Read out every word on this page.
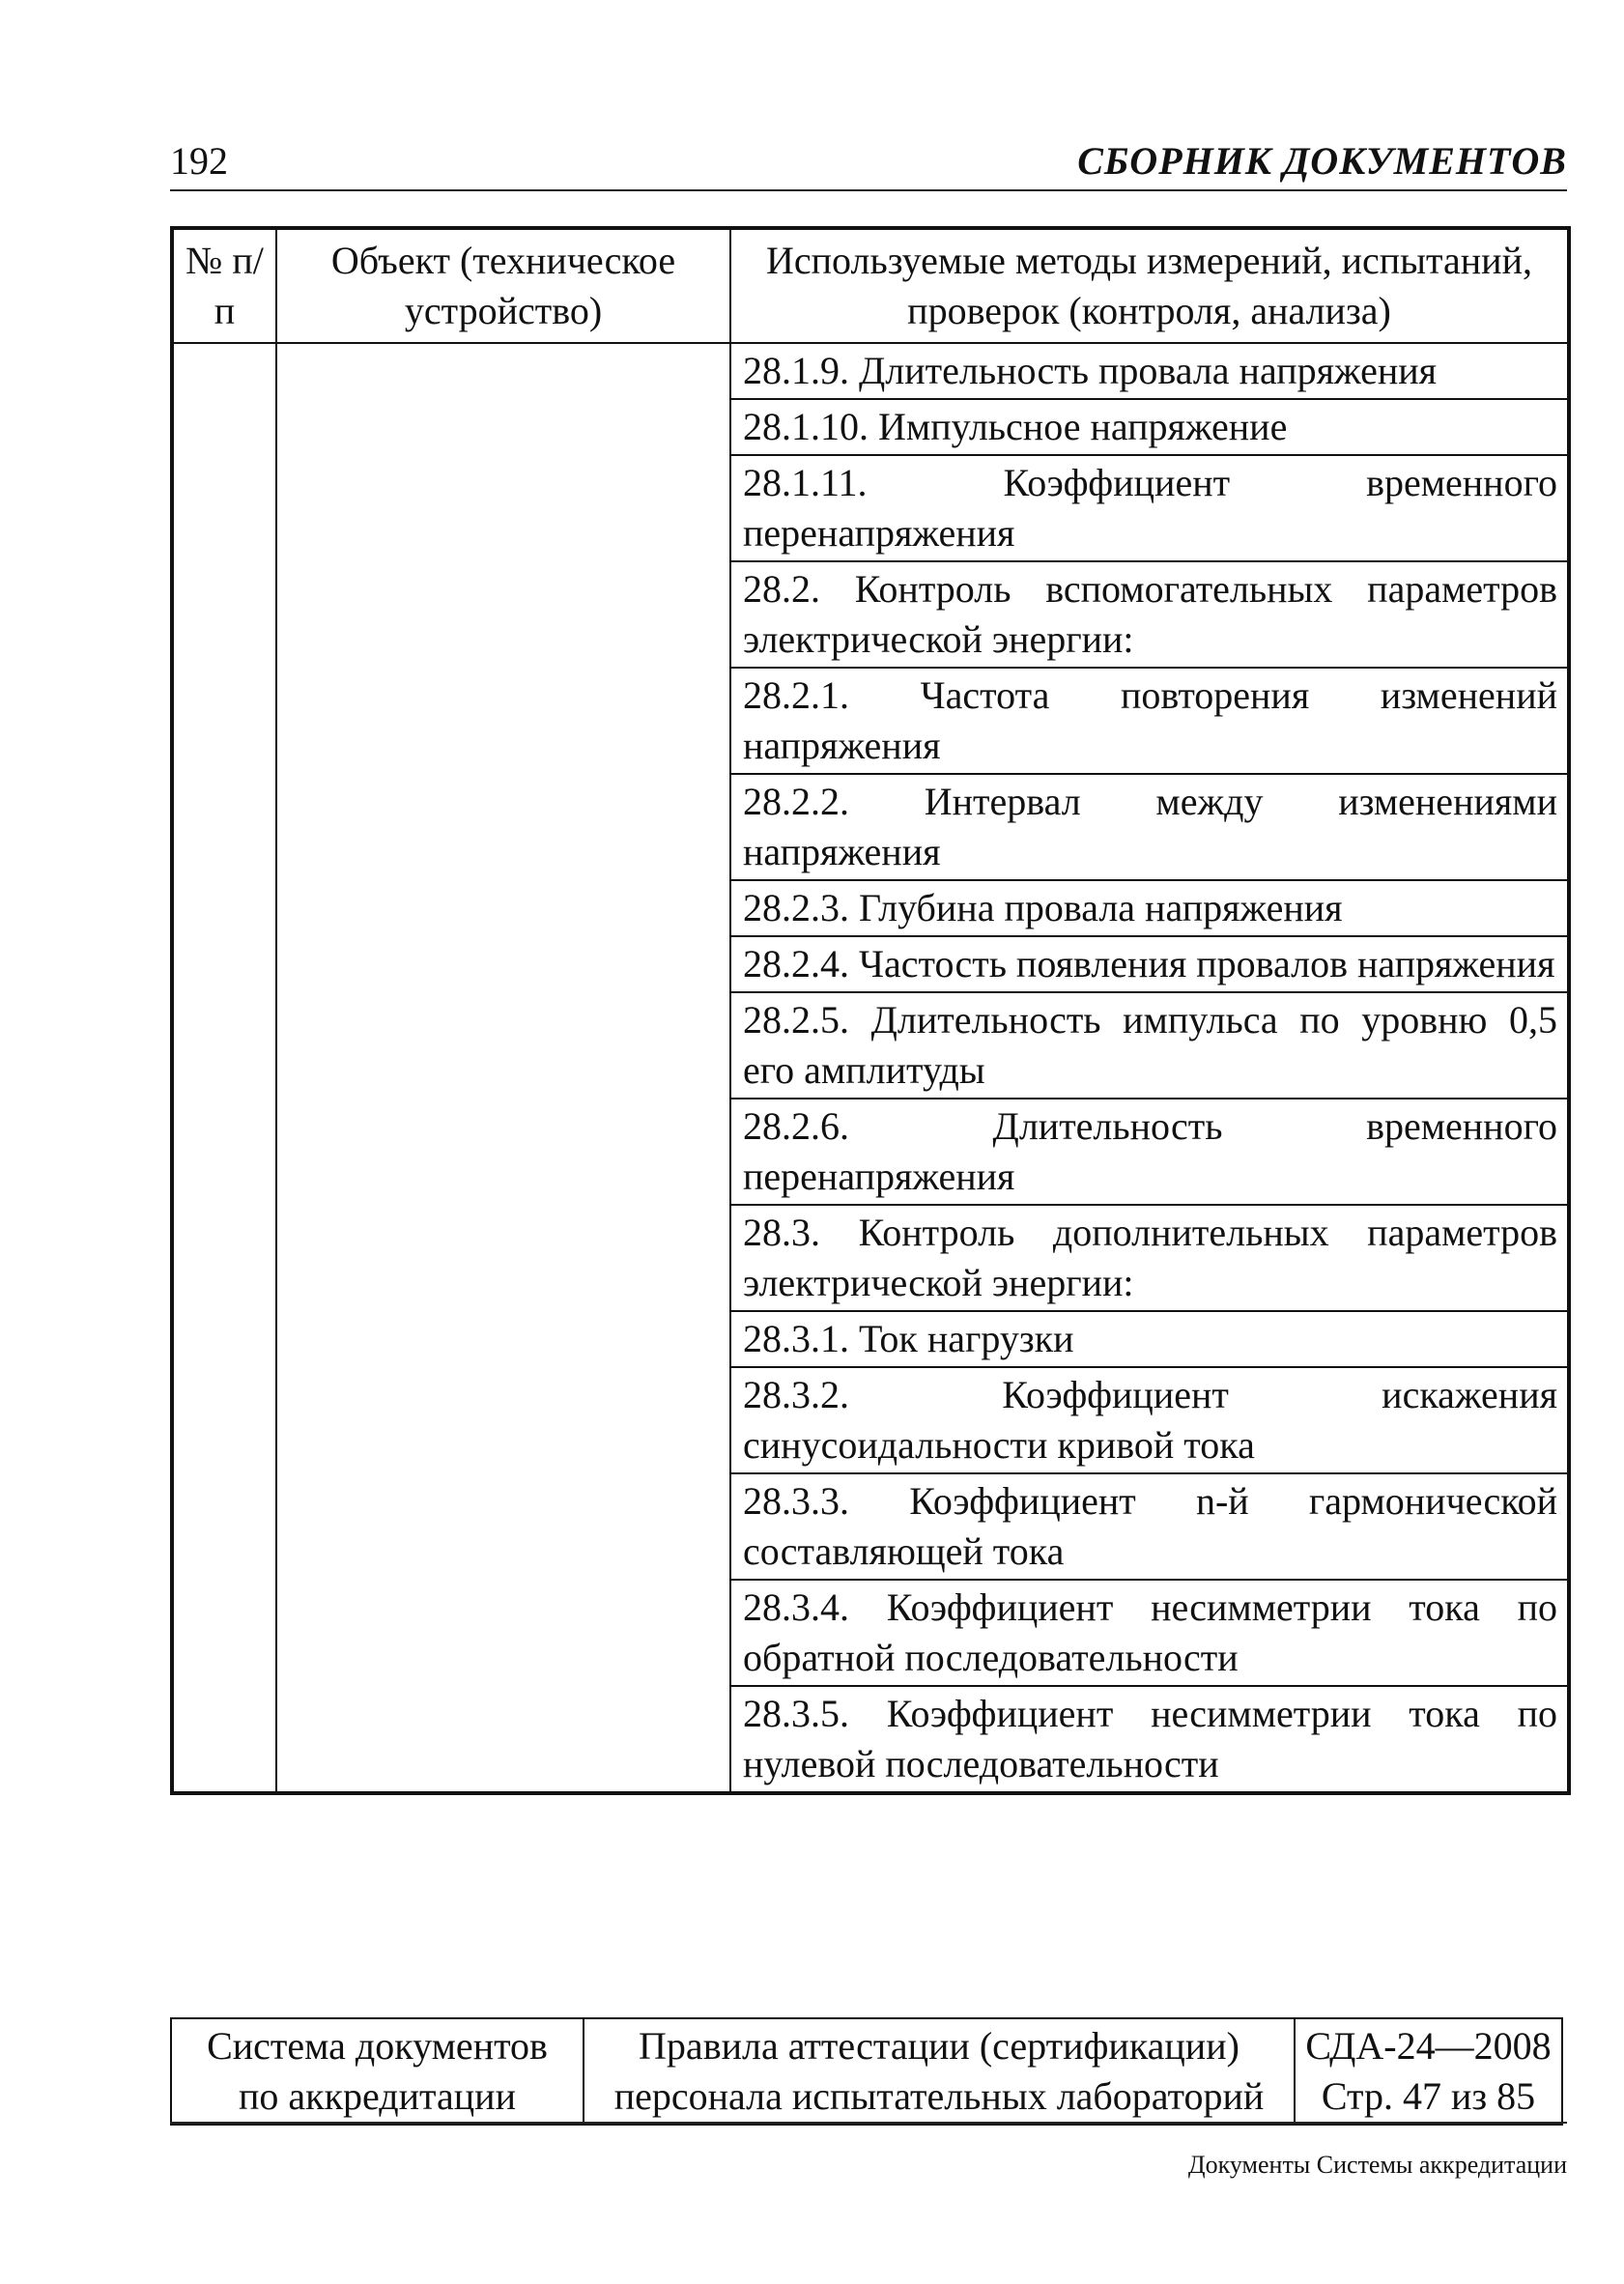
192	СБОРНИК ДОКУМЕНТОВ
№ п/п	Объект (техническое устройство)	Используемые методы измерений, испытаний, проверок (контроля, анализа)
		28.1.9. Длительность провала напряжения
		28.1.10. Импульсное напряжение
		28.1.11. Коэффициент временного перенапряжения
		28.2. Контроль вспомогательных параметров электрической энергии:
		28.2.1. Частота повторения изменений напряжения
		28.2.2. Интервал между изменениями напряжения
		28.2.3. Глубина провала напряжения
		28.2.4. Частость появления провалов напряжения
		28.2.5. Длительность импульса по уровню 0,5 его амплитуды
		28.2.6. Длительность временного перенапряжения
		28.3. Контроль дополнительных параметров электрической энергии:
		28.3.1. Ток нагрузки
		28.3.2. Коэффициент искажения синусоидальности кривой тока
		28.3.3. Коэффициент n-й гармонической составляющей тока
		28.3.4. Коэффициент несимметрии тока по обратной последовательности
		28.3.5. Коэффициент несимметрии тока по нулевой последовательности
Система документов
по аккредитации

Правила аттестации (сертификации)
персонала испытательных лабораторий

СДА-24—2008
Стр. 47 из 85
Документы Системы аккредитации
